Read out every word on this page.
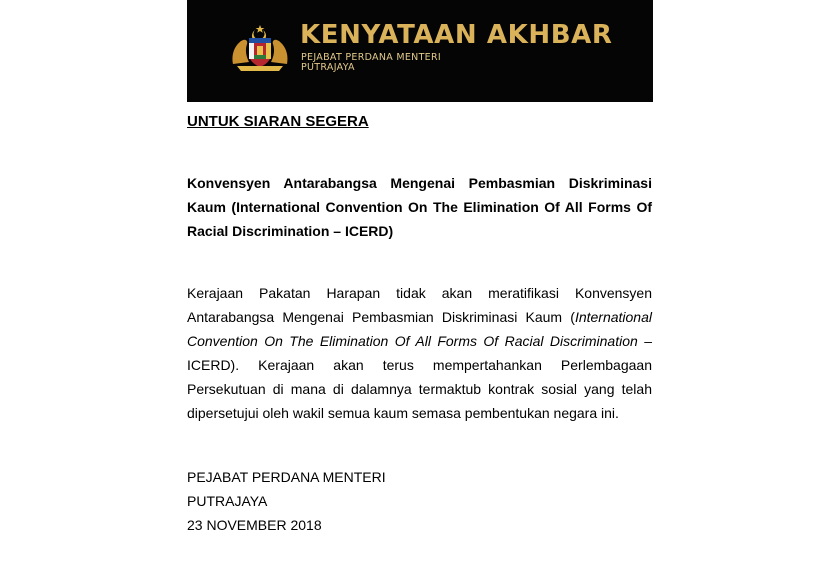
KENYATAAN AKHBAR
PEJABAT PERDANA MENTERI
PUTRAJAYA
UNTUK SIARAN SEGERA
Konvensyen Antarabangsa Mengenai Pembasmian Diskriminasi Kaum (International Convention On The Elimination Of All Forms Of Racial Discrimination – ICERD)
Kerajaan Pakatan Harapan tidak akan meratifikasi Konvensyen Antarabangsa Mengenai Pembasmian Diskriminasi Kaum (International Convention On The Elimination Of All Forms Of Racial Discrimination – ICERD). Kerajaan akan terus mempertahankan Perlembagaan Persekutuan di mana di dalamnya termaktub kontrak sosial yang telah dipersetujui oleh wakil semua kaum semasa pembentukan negara ini.
PEJABAT PERDANA MENTERI
PUTRAJAYA
23 NOVEMBER 2018
